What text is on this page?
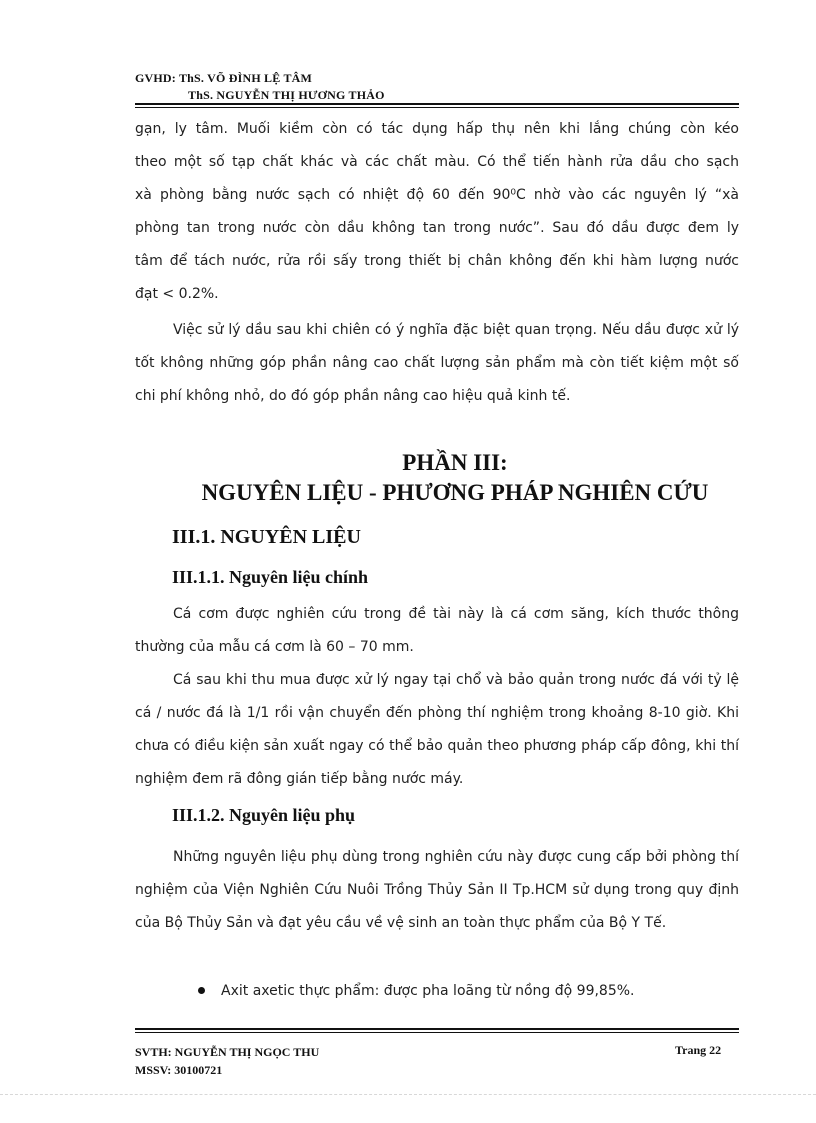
GVHD: ThS. VÕ ĐÌNH LỆ TÂM
ThS. NGUYỄN THỊ HƯƠNG THẢO
gạn, ly tâm. Muối kiềm còn có tác dụng hấp thụ nên khi lắng chúng còn kéo
theo một số tạp chất khác và các chất màu. Có thể tiến hành rửa dầu cho sạch
xà phòng bằng nước sạch có nhiệt độ 60 đến 90⁰C nhờ vào các nguyên lý “xà
phòng tan trong nước còn dầu không tan trong nước”. Sau đó dầu được đem ly
tâm để tách nước, rửa rồi sấy trong thiết bị chân không đến khi hàm lượng nước
đạt < 0.2%.

Việc sử lý dầu sau khi chiên có ý nghĩa đặc biệt quan trọng. Nếu dầu được xử lý tốt không những góp phần nâng cao chất lượng sản phẩm mà còn tiết kiệm một số chi phí không nhỏ, do đó góp phần nâng cao hiệu quả kinh tế.

PHẦN III:
NGUYÊN LIỆU - PHƯƠNG PHÁP NGHIÊN CỨU
III.1. NGUYÊN LIỆU
III.1.1. Nguyên liệu chính

Cá cơm được nghiên cứu trong đề tài này là cá cơm săng, kích thước thông thường của mẫu cá cơm là 60 – 70 mm.

Cá sau khi thu mua được xử lý ngay tại chổ và bảo quản trong nước đá với tỷ lệ cá / nước đá là 1/1 rồi vận chuyển đến phòng thí nghiệm trong khoảng 8-10 giờ. Khi chưa có điều kiện sản xuất ngay có thể bảo quản theo phương pháp cấp đông, khi thí nghiệm đem rã đông gián tiếp bằng nước máy.

III.1.2. Nguyên liệu phụ

Những nguyên liệu phụ dùng trong nghiên cứu này được cung cấp bởi phòng thí nghiệm của Viện Nghiên Cứu Nuôi Trồng Thủy Sản II Tp.HCM sử dụng trong quy định của Bộ Thủy Sản và đạt yêu cầu về vệ sinh an toàn thực phẩm của Bộ Y Tế.

Axit axetic thực phẩm: được pha loãng từ nồng độ 99,85%.
SVTH: NGUYỄN THỊ NGỌC THU
MSSV: 30100721
Trang 22
